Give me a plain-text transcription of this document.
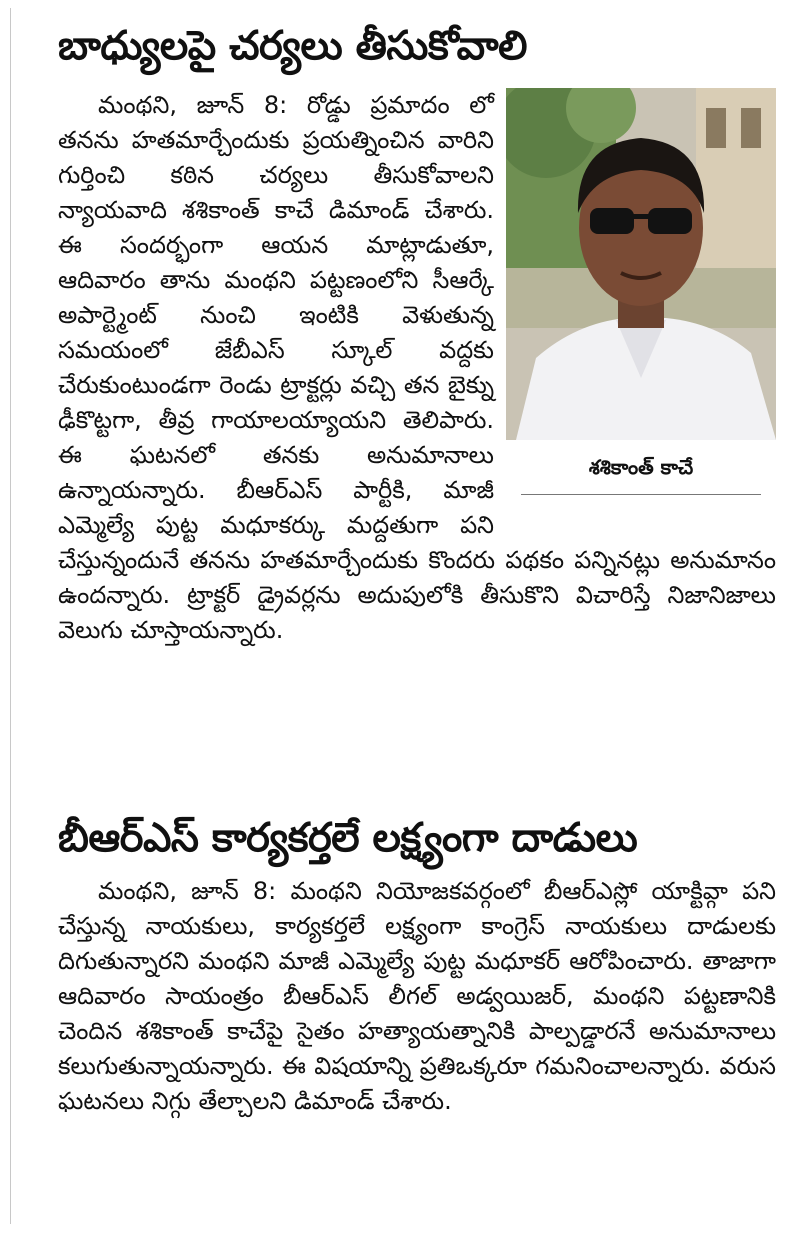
బాధ్యులపై చర్యలు తీసుకోవాలి
శశికాంత్ కాచే

మంథని, జూన్ 8: రోడ్డు ప్రమాదం లో తనను హతమార్చేందుకు ప్రయత్నించిన వారిని గుర్తించి కఠిన చర్యలు తీసుకోవాలని న్యాయవాది శశికాంత్ కాచే డిమాండ్ చేశారు. ఈ సందర్భంగా ఆయన మాట్లాడుతూ, ఆదివారం తాను మంథని పట్టణంలోని సీఆర్కే అపార్ట్మెంట్ నుంచి ఇంటికి వెళుతున్న సమయంలో జేబీఎస్ స్కూల్ వద్దకు చేరుకుంటుండగా రెండు ట్రాక్టర్లు వచ్చి తన బైక్ను ఢీకొట్టగా, తీవ్ర గాయాలయ్యాయని తెలిపారు. ఈ ఘటనలో తనకు అనుమానాలు ఉన్నాయన్నారు. బీఆర్ఎస్ పార్టీకి, మాజీ ఎమ్మెల్యే పుట్ట మధూకర్కు మద్దతుగా పని చేస్తున్నందునే తనను హతమార్చేందుకు కొందరు పథకం పన్నినట్లు అనుమానం ఉందన్నారు. ట్రాక్టర్ డ్రైవర్లను అదుపులోకి తీసుకొని విచారిస్తే నిజానిజాలు వెలుగు చూస్తాయన్నారు.

బీఆర్ఎస్ కార్యకర్తలే లక్ష్యంగా దాడులు

మంథని, జూన్ 8: మంథని నియోజకవర్గంలో బీఆర్ఎస్లో యాక్టివ్గా పని చేస్తున్న నాయకులు, కార్యకర్తలే లక్ష్యంగా కాంగ్రెస్ నాయకులు దాడులకు దిగుతున్నారని మంథని మాజీ ఎమ్మెల్యే పుట్ట మధూకర్ ఆరోపించారు. తాజాగా ఆదివారం సాయంత్రం బీఆర్ఎస్ లీగల్ అడ్వయిజర్, మంథని పట్టణానికి చెందిన శశికాంత్ కాచేపై సైతం హత్యాయత్నానికి పాల్పడ్డారనే అనుమానాలు కలుగుతున్నాయన్నారు. ఈ విషయాన్ని ప్రతిఒక్కరూ గమనించాలన్నారు. వరుస ఘటనలు నిగ్గు తేల్చాలని డిమాండ్ చేశారు.
